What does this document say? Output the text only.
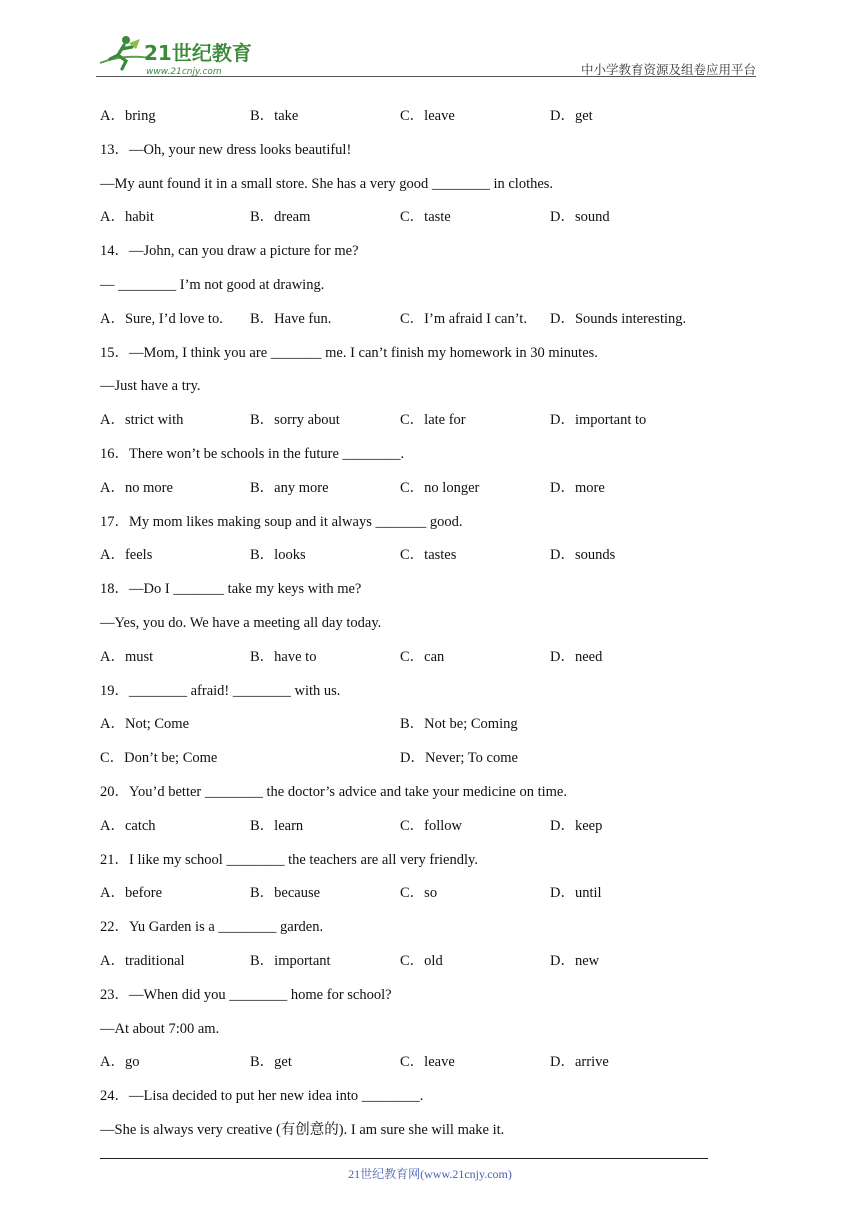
21世纪教育
www.21cnjy.com	中小学教育资源及组卷应用平台
A．bring	B．take	C．leave	D．get
13．—Oh, your new dress looks beautiful!
—My aunt found it in a small store. She has a very good ________ in clothes.
A．habit	B．dream	C．taste	D．sound
14．—John, can you draw a picture for me?
— ________ I’m not good at drawing.
A．Sure, I’d love to.	B．Have fun.	C．I’m afraid I can’t.	D．Sounds interesting.
15．—Mom, I think you are _______ me. I can’t finish my homework in 30 minutes.
—Just have a try.
A．strict with	B．sorry about	C．late for	D．important to
16．There won’t be schools in the future ________.
A．no more	B．any more	C．no longer	D．more
17．My mom likes making soup and it always _______ good.
A．feels	B．looks	C．tastes	D．sounds
18．—Do I _______ take my keys with me?
—Yes, you do. We have a meeting all day today.
A．must	B．have to	C．can	D．need
19．________ afraid! ________ with us.
A．Not; Come	B．Not be; Coming
C．Don’t be; Come	D．Never; To come
20．You’d better ________ the doctor’s advice and take your medicine on time.
A．catch	B．learn	C．follow	D．keep
21．I like my school ________ the teachers are all very friendly.
A．before	B．because	C．so	D．until
22．Yu Garden is a ________ garden.
A．traditional	B．important	C．old	D．new
23．—When did you ________ home for school?
—At about 7:00 am.
A．go	B．get	C．leave	D．arrive
24．—Lisa decided to put her new idea into ________.
—She is always very creative (有创意的). I am sure she will make it.
21世纪教育网(www.21cnjy.com)
